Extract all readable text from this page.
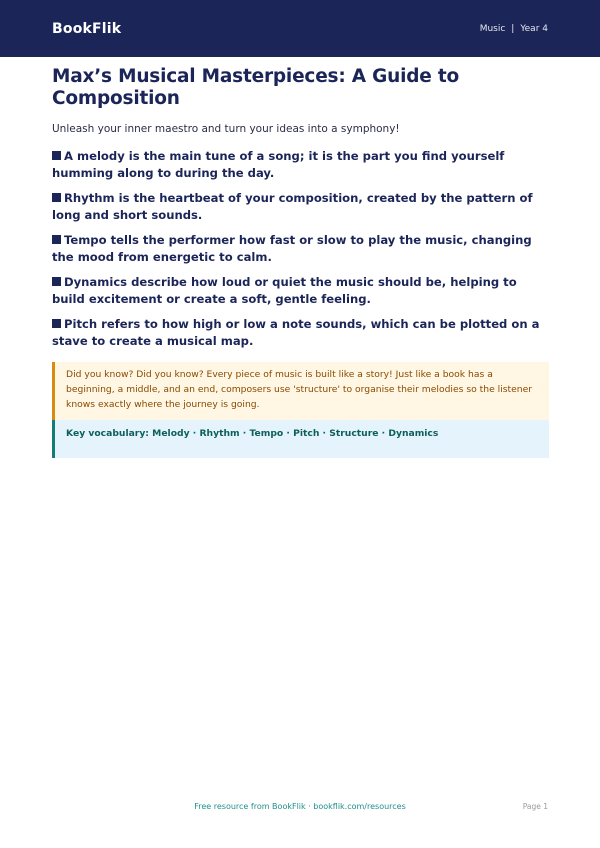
BookFlik	Music | Year 4
Max’s Musical Masterpieces: A Guide to Composition
Unleash your inner maestro and turn your ideas into a symphony!
A melody is the main tune of a song; it is the part you find yourself humming along to during the day.
Rhythm is the heartbeat of your composition, created by the pattern of long and short sounds.
Tempo tells the performer how fast or slow to play the music, changing the mood from energetic to calm.
Dynamics describe how loud or quiet the music should be, helping to build excitement or create a soft, gentle feeling.
Pitch refers to how high or low a note sounds, which can be plotted on a stave to create a musical map.
Did you know? Did you know? Every piece of music is built like a story! Just like a book has a beginning, a middle, and an end, composers use 'structure' to organise their melodies so the listener knows exactly where the journey is going.
Key vocabulary: Melody · Rhythm · Tempo · Pitch · Structure · Dynamics
Free resource from BookFlik · bookflik.com/resources	Page 1
